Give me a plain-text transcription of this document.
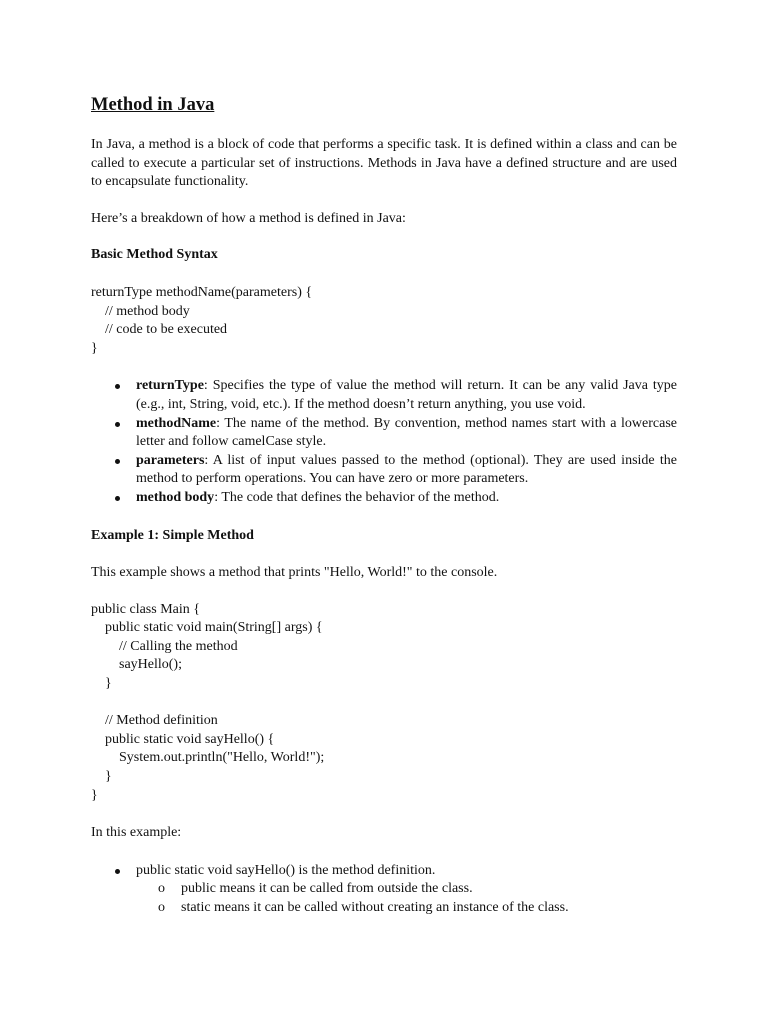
Method in Java

In Java, a method is a block of code that performs a specific task. It is defined within a class and can be called to execute a particular set of instructions. Methods in Java have a defined structure and are used to encapsulate functionality.

Here’s a breakdown of how a method is defined in Java:

Basic Method Syntax

returnType methodName(parameters) {
// method body
// code to be executed
}
returnType: Specifies the type of value the method will return. It can be any valid Java type (e.g., int, String, void, etc.). If the method doesn’t return anything, you use void.
methodName: The name of the method. By convention, method names start with a lowercase letter and follow camelCase style.
parameters: A list of input values passed to the method (optional). They are used inside the method to perform operations. You can have zero or more parameters.
method body: The code that defines the behavior of the method.

Example 1: Simple Method

This example shows a method that prints "Hello, World!" to the console.

public class Main {
public static void main(String[] args) {
// Calling the method
sayHello();
}

// Method definition
public static void sayHello() {
System.out.println("Hello, World!");
}
}

In this example:

public static void sayHello() is the method definition.
o public means it can be called from outside the class.
o static means it can be called without creating an instance of the class.
